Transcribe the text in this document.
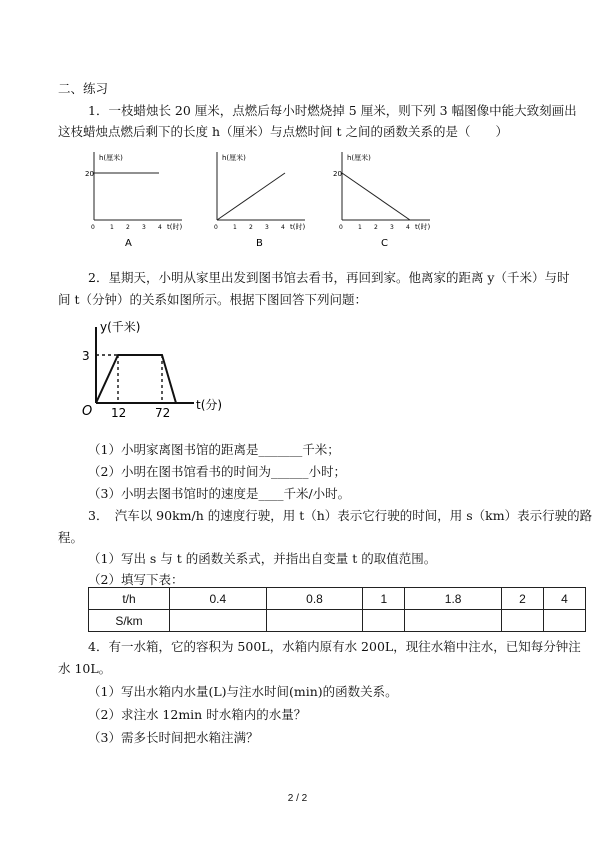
二、练习
1．一枝蜡烛长 20 厘米，点燃后每小时燃烧掉 5 厘米，则下列 3 幅图像中能大致刻画出
这枝蜡烛点燃后剩下的长度 h（厘米）与点燃时间 t 之间的函数关系的是（　　）
h(厘米)
20
0	1 2 3 4 t(时)
A
h(厘米)
0	1 2 3 4 t(时)
B
h(厘米)
20
0	1 2 3 4 t(时)
C
2．星期天，小明从家里出发到图书馆去看书，再回到家。他离家的距离 y（千米）与时
间 t（分钟）的关系如图所示。根据下图回答下列问题：
y(千米)
3
O 12 72
t(分)
（1）小明家离图书馆的距离是_______千米；
（2）小明在图书馆看书的时间为______小时；
（3）小明去图书馆时的速度是____千米/小时。
3．　汽车以 90km/h 的速度行驶，用 t（h）表示它行驶的时间，用 s（km）表示行驶的路
程。
（1）写出 s 与 t 的函数关系式，并指出自变量 t 的取值范围。
（2）填写下表：
t/h	0.4	0.8	1	1.8	2	4
S/km						
4．有一水箱，它的容积为 500L，水箱内原有水 200L，现往水箱中注水，已知每分钟注
水 10L。
（1）写出水箱内水量(L)与注水时间(min)的函数关系。
（2）求注水 12min 时水箱内的水量？
（3）需多长时间把水箱注满？
2 / 2
